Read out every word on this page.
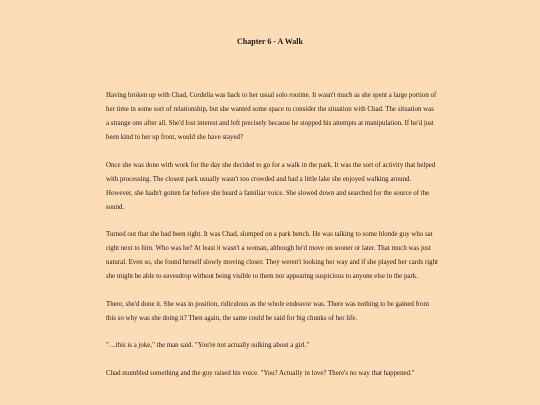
Chapter 6 - A Walk

Having broken up with Chad, Cordelia was back to her usual solo routine. It wasn't much as she spent a large portion of her time in some sort of relationship, but she wanted some space to consider the situation with Chad. The situation was a strange one after all. She'd lost interest and left precisely because he stopped his attempts at manipulation. If he'd just been kind to her up front, would she have stayed?

Once she was done with work for the day she decided to go for a walk in the park. It was the sort of activity that helped with processing. The closest park usually wasn't too crowded and had a little lake she enjoyed walking around. However, she hadn't gotten far before she heard a familiar voice. She slowed down and searched for the source of the sound.

Turned out that she had been right. It was Chad, slumped on a park bench. He was talking to some blonde guy who sat right next to him. Who was he? At least it wasn't a woman, although he'd move on sooner or later. That much was just natural. Even so, she found herself slowly moving closer. They weren't looking her way and if she played her cards right she might be able to eavesdrop without being visible to them nor appearing suspicious to anyone else in the park.

There, she'd done it. She was in position, ridiculous as the whole endeavor was. There was nothing to be gained from this so why was she doing it? Then again, the same could be said for big chunks of her life.

"…this is a joke," the man said. "You're not actually sulking about a girl."

Chad mumbled something and the guy raised his voice. "You? Actually in love? There's no way that happened."
